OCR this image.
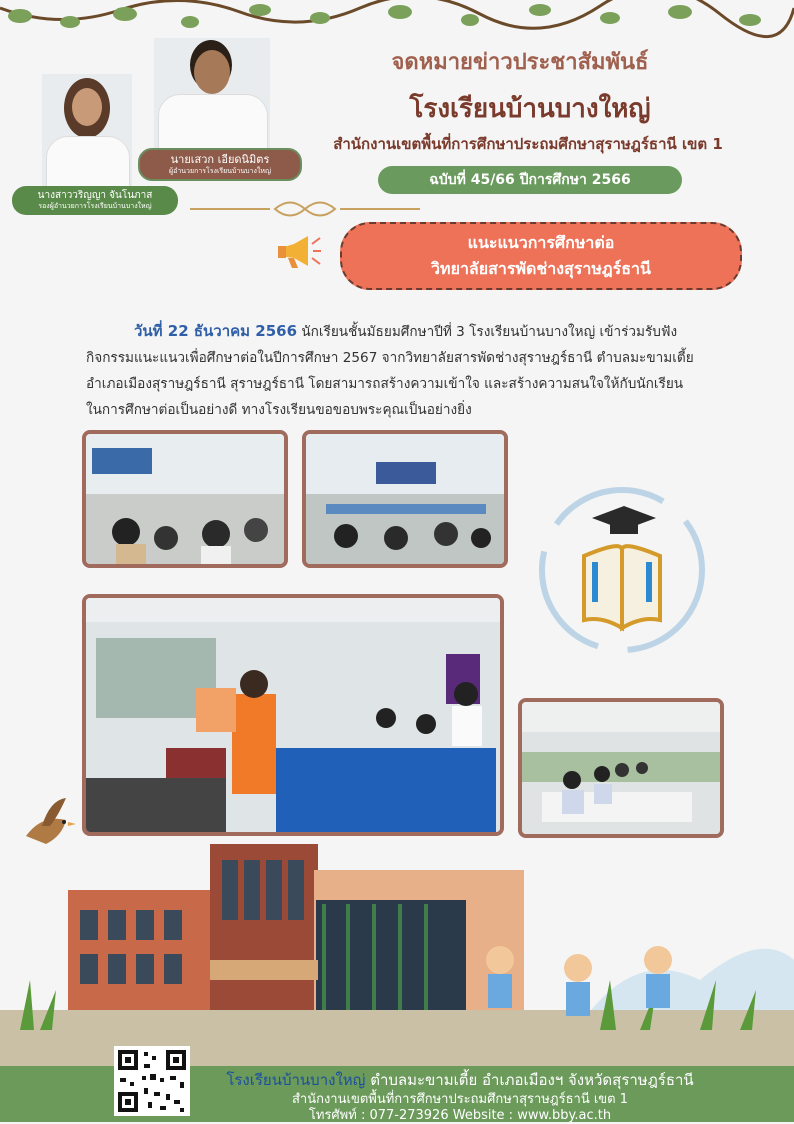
นางสาววริญญา จันโนภาส
รองผู้อำนวยการโรงเรียนบ้านบางใหญ่
นายเสวก เอียดนิมิตร
ผู้อำนวยการโรงเรียนบ้านบางใหญ่
จดหมายข่าวประชาสัมพันธ์
โรงเรียนบ้านบางใหญ่
สำนักงานเขตพื้นที่การศึกษาประถมศึกษาสุราษฎร์ธานี เขต 1
ฉบับที่ 45/66 ปีการศึกษา 2566
แนะแนวการศึกษาต่อ
วิทยาลัยสารพัดช่างสุราษฎร์ธานี
วันที่ 22 ธันวาคม 2566 นักเรียนชั้นมัธยมศึกษาปีที่ 3 โรงเรียนบ้านบางใหญ่ เข้าร่วมรับฟัง
กิจกรรมแนะแนวเพื่อศึกษาต่อในปีการศึกษา 2567 จากวิทยาลัยสารพัดช่างสุราษฎร์ธานี ตำบลมะขามเตี้ย
อำเภอเมืองสุราษฎร์ธานี สุราษฎร์ธานี โดยสามารถสร้างความเข้าใจ และสร้างความสนใจให้กับนักเรียน
ในการศึกษาต่อเป็นอย่างดี ทางโรงเรียนขอขอบพระคุณเป็นอย่างยิ่ง
โรงเรียนบ้านบางใหญ่ ตำบลมะขามเตี้ย อำเภอเมืองฯ จังหวัดสุราษฎร์ธานี
สำนักงานเขตพื้นที่การศึกษาประถมศึกษาสุราษฎร์ธานี เขต 1
โทรศัพท์ : 077-273926 Website : www.bby.ac.th
